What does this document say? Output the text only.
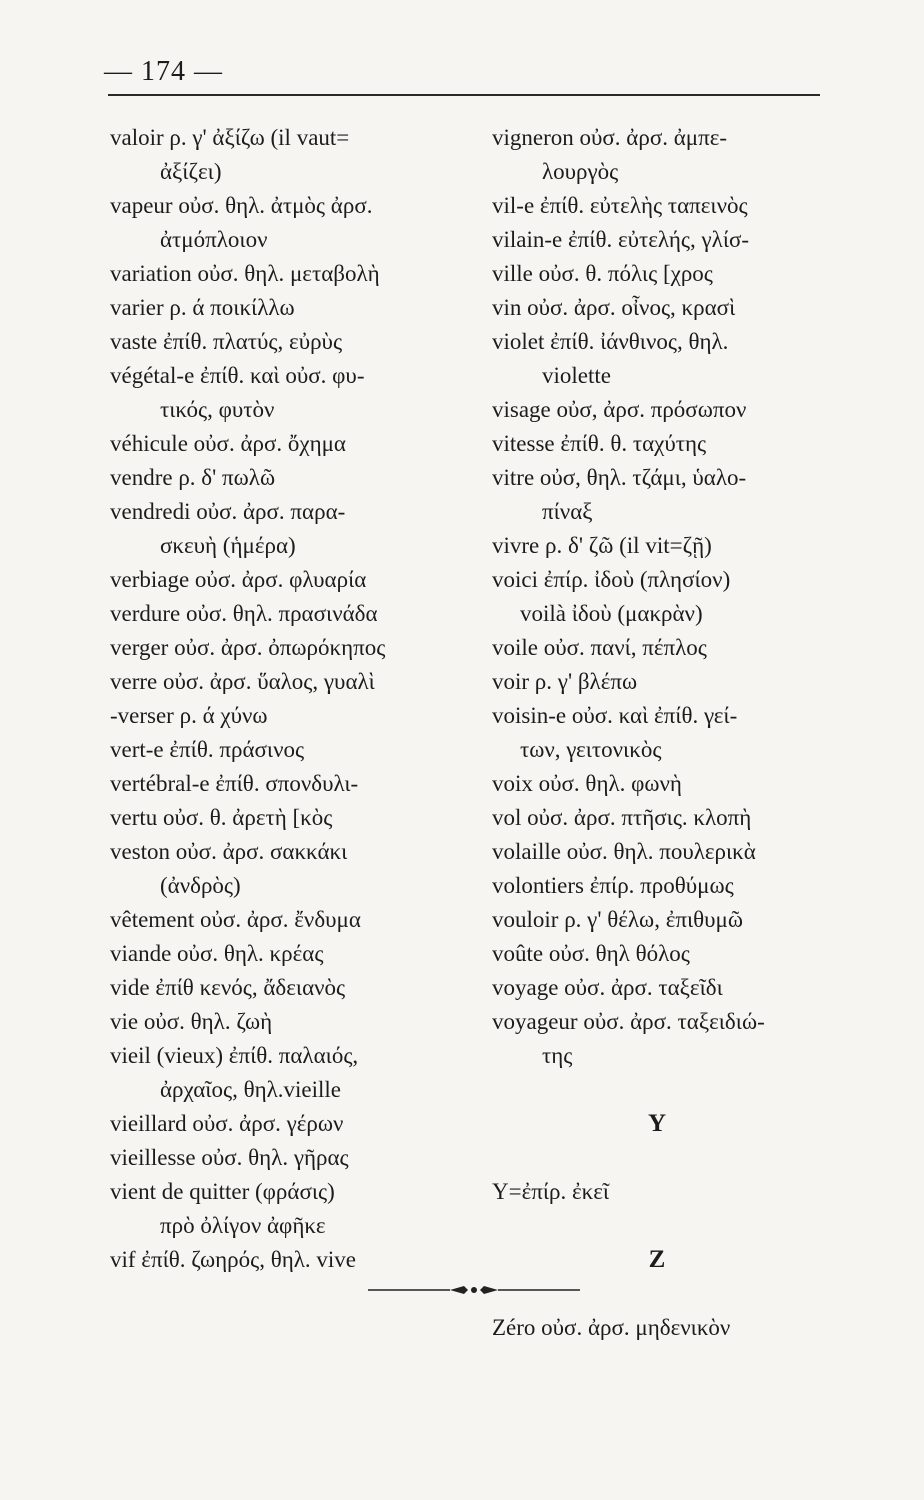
— 174 —
valoir ρ. γ' ἀξίζω (il vaut=
ἀξίζει)
vapeur οὐσ. θηλ. ἀτμὸς ἀρσ.
ἀτμόπλοιον
variation οὐσ. θηλ. μεταβολὴ
varier ρ. ά ποικίλλω
vaste ἐπίθ. πλατύς, εὐρὺς
végétal-e ἐπίθ. καὶ οὐσ. φυ-
τικός, φυτὸν
véhicule οὐσ. ἀρσ. ὄχημα
vendre ρ. δ' πωλῶ
vendredi οὐσ. ἀρσ. παρα-
σκευὴ (ἡμέρα)
verbiage οὐσ. ἀρσ. φλυαρία
verdure οὐσ. θηλ. πρασινάδα
verger οὐσ. ἀρσ. ὀπωρόκηπος
verre οὐσ. ἀρσ. ὕαλος, γυαλὶ
-verser ρ. ά χύνω
vert-e ἐπίθ. πράσινος
vertébral-e ἐπίθ. σπονδυλι-
vertu οὐσ. θ. ἀρετὴ [κὸς
veston οὐσ. ἀρσ. σακκάκι
(ἀνδρὸς)
vêtement οὐσ. ἀρσ. ἔνδυμα
viande οὐσ. θηλ. κρέας
vide ἐπίθ κενός, ἄδειανὸς
vie οὐσ. θηλ. ζωὴ
vieil (vieux) ἐπίθ. παλαιός,
ἀρχαῖος, θηλ.vieille
vieillard οὐσ. ἀρσ. γέρων
vieillesse οὐσ. θηλ. γῆρας
vient de quitter (φράσις)
πρὸ ὀλίγον ἀφῆκε
vif ἐπίθ. ζωηρός, θηλ. vive
vigneron οὐσ. ἀρσ. ἀμπε-
λουργὸς
vil-e ἐπίθ. εὐτελὴς ταπεινὸς
vilain-e ἐπίθ. εὐτελής, γλίσ-
ville οὐσ. θ. πόλις [χρος
vin οὐσ. ἀρσ. οἶνος, κρασὶ
violet ἐπίθ. ἰάνθινος, θηλ.
violette
visage οὐσ, ἀρσ. πρόσωπον
vitesse ἐπίθ. θ. ταχύτης
vitre οὐσ, θηλ. τζάμι, ὑαλο-
πίναξ
vivre ρ. δ' ζῶ (il vit=ζῇ)
voici ἐπίρ. ἰδοὺ (πλησίον)
voilà ἰδοὺ (μακρὰν)
voile οὐσ. πανί, πέπλος
voir ρ. γ' βλέπω
voisin-e οὐσ. καὶ ἐπίθ. γεί-
των, γειτονικὸς
voix οὐσ. θηλ. φωνὴ
vol οὐσ. ἀρσ. πτῆσις. κλοπὴ
volaille οὐσ. θηλ. πουλερικὰ
volontiers ἐπίρ. προθύμως
vouloir ρ. γ' θέλω, ἐπιθυμῶ
voûte οὐσ. θηλ θόλος
voyage οὐσ. ἀρσ. ταξεῖδι
voyageur οὐσ. ἀρσ. ταξειδιώ-
της
Y
Y=ἐπίρ. ἐκεῖ
Z
Zéro οὐσ. ἀρσ. μηδενικὸν
